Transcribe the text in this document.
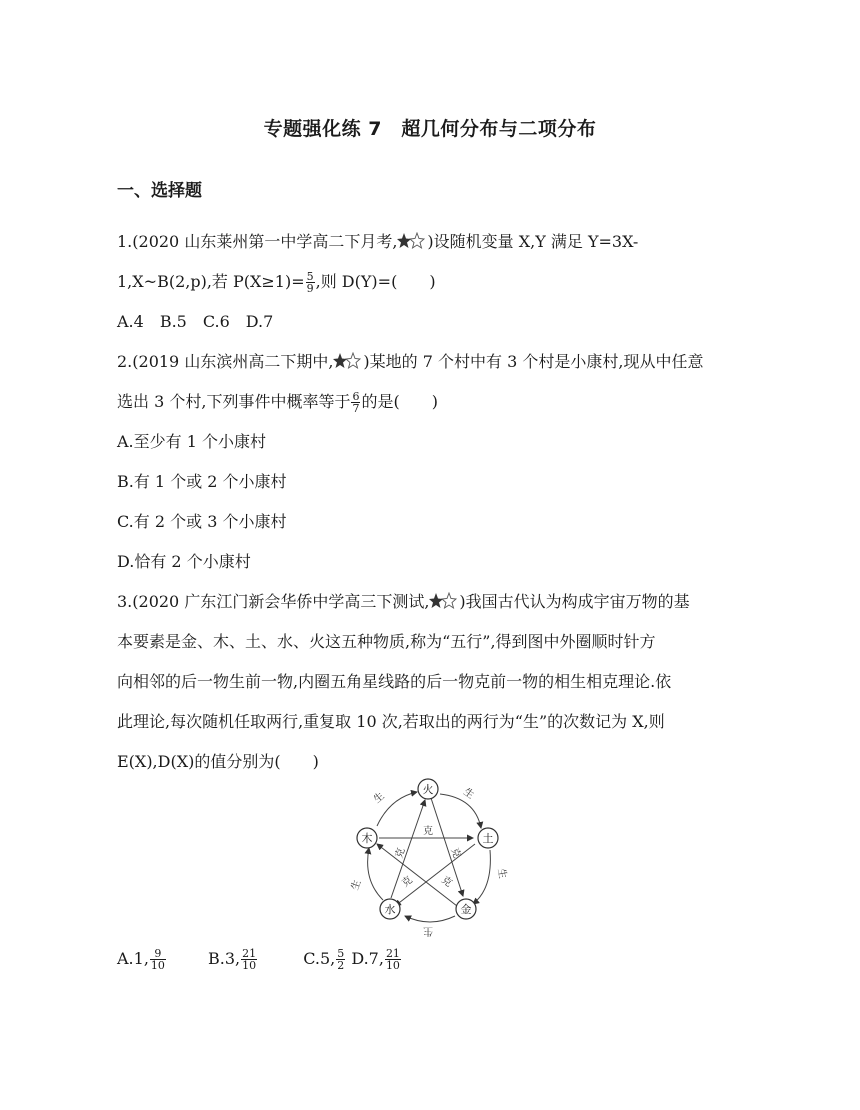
专题强化练 7　超几何分布与二项分布
一、选择题

1.(2020 山东莱州第一中学高二下月考, )设随机变量 X,Y 满足 Y=3X-

1,X~B(2,p),若 $P(X\ge 1)= \frac{5}{9}$ ,则 D(Y)=(　　)

A.4　B.5　C.6　D.7

2.(2019 山东滨州高二下期中, )某地的 7 个村中有 3 个村是小康村,现从中任意

选出 3 个村,下列事件中概率等于 $\frac{6}{7}$ 的是(　　)

A.至少有 1 个小康村

B.有 1 个或 2 个小康村

C.有 2 个或 3 个小康村

D.恰有 2 个小康村

3.(2020 广东江门新会华侨中学高三下测试, )我国古代认为构成宇宙万物的基

本要素是金、木、土、水、火这五种物质,称为“五行”,得到图中外圈顺时针方

向相邻的后一物生前一物,内圈五角星线路的后一物克前一物的相生相克理论.依

此理论,每次随机任取两行,重复取 10 次,若取出的两行为“生”的次数记为 X,则

E(X),D(X)的值分别为(　　)

火
土
金
水
木
生
生
生
生
生
克
克	克
克 克
A.1, $\frac{9}{10}$	B.3, $\frac{21}{10}$	C.5, $\frac{5}{2} D.7$, $\frac{21}{10}$
